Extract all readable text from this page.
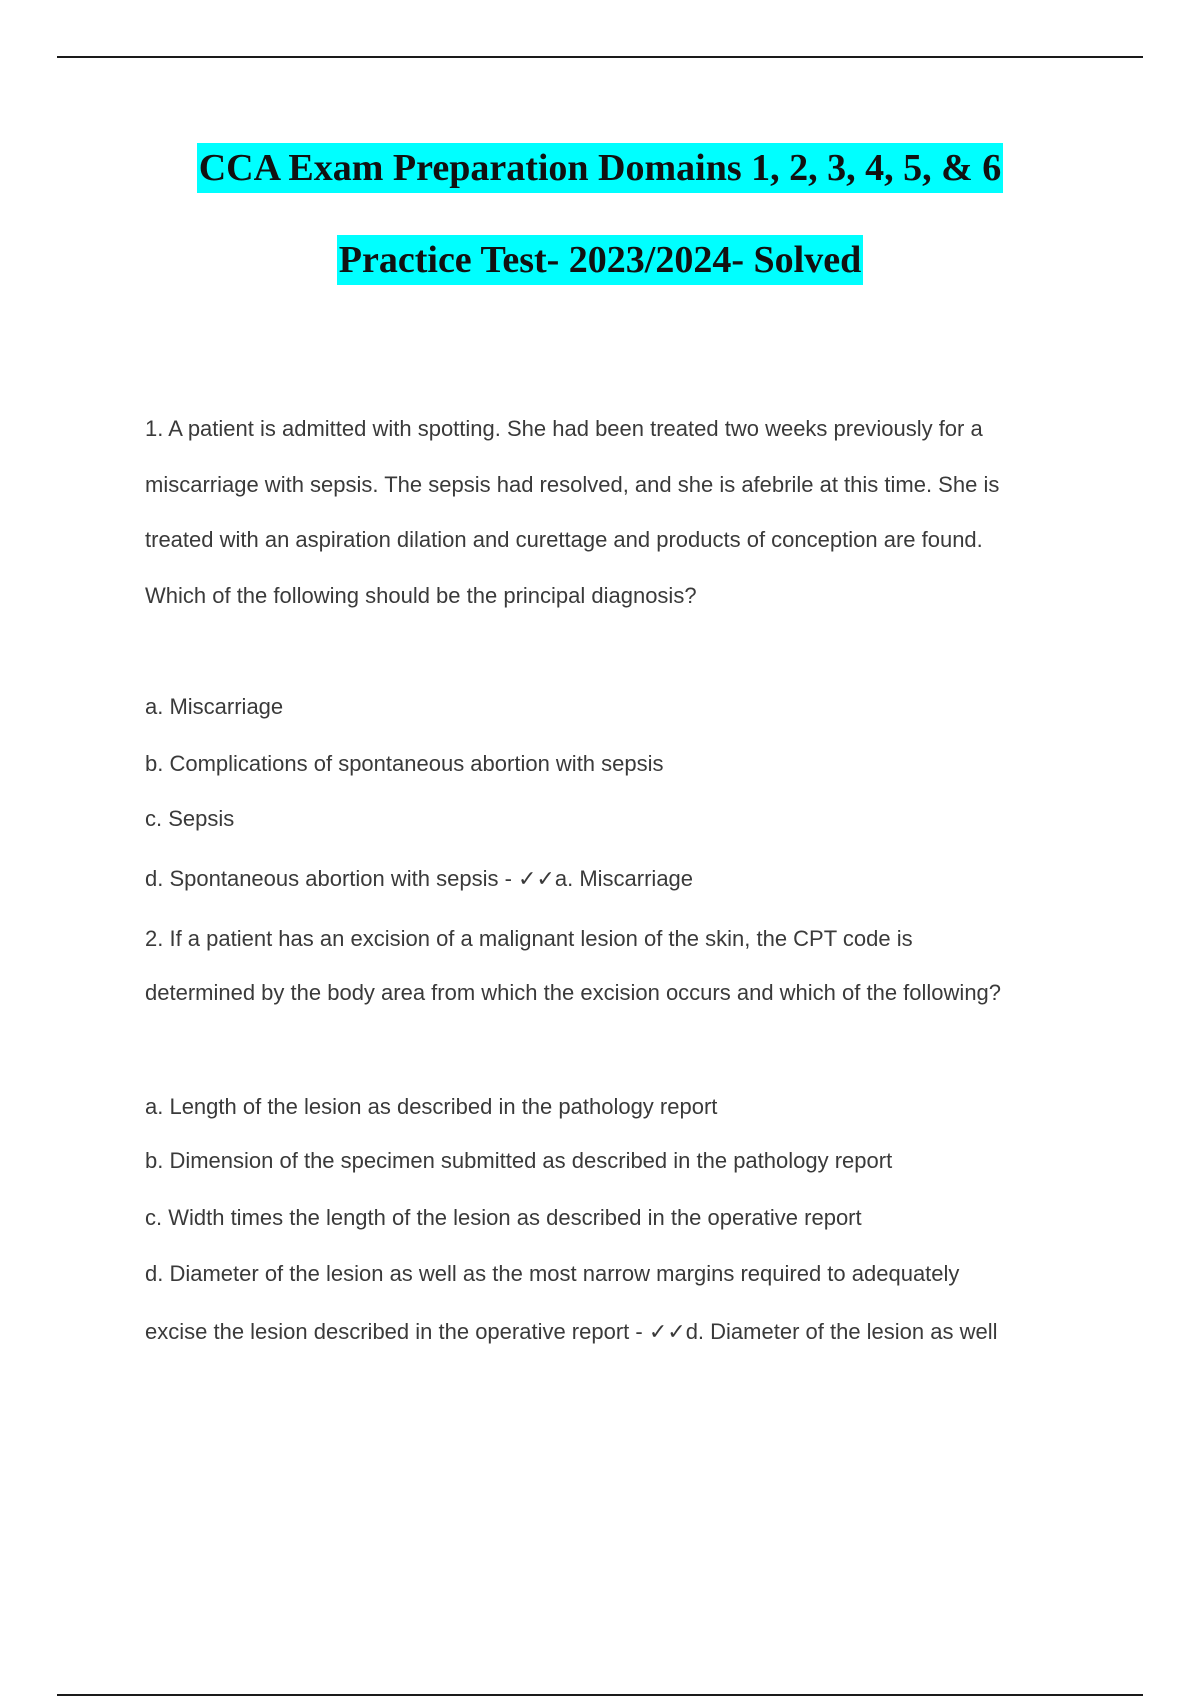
CCA Exam Preparation Domains 1, 2, 3, 4, 5, & 6
Practice Test- 2023/2024- Solved
1. A patient is admitted with spotting. She had been treated two weeks previously for a
miscarriage with sepsis. The sepsis had resolved, and she is afebrile at this time. She is
treated with an aspiration dilation and curettage and products of conception are found.
Which of the following should be the principal diagnosis?
a. Miscarriage
b. Complications of spontaneous abortion with sepsis
c. Sepsis
d. Spontaneous abortion with sepsis - ✓✓a. Miscarriage
2. If a patient has an excision of a malignant lesion of the skin, the CPT code is
determined by the body area from which the excision occurs and which of the following?
a. Length of the lesion as described in the pathology report
b. Dimension of the specimen submitted as described in the pathology report
c. Width times the length of the lesion as described in the operative report
d. Diameter of the lesion as well as the most narrow margins required to adequately
excise the lesion described in the operative report - ✓✓d. Diameter of the lesion as well
